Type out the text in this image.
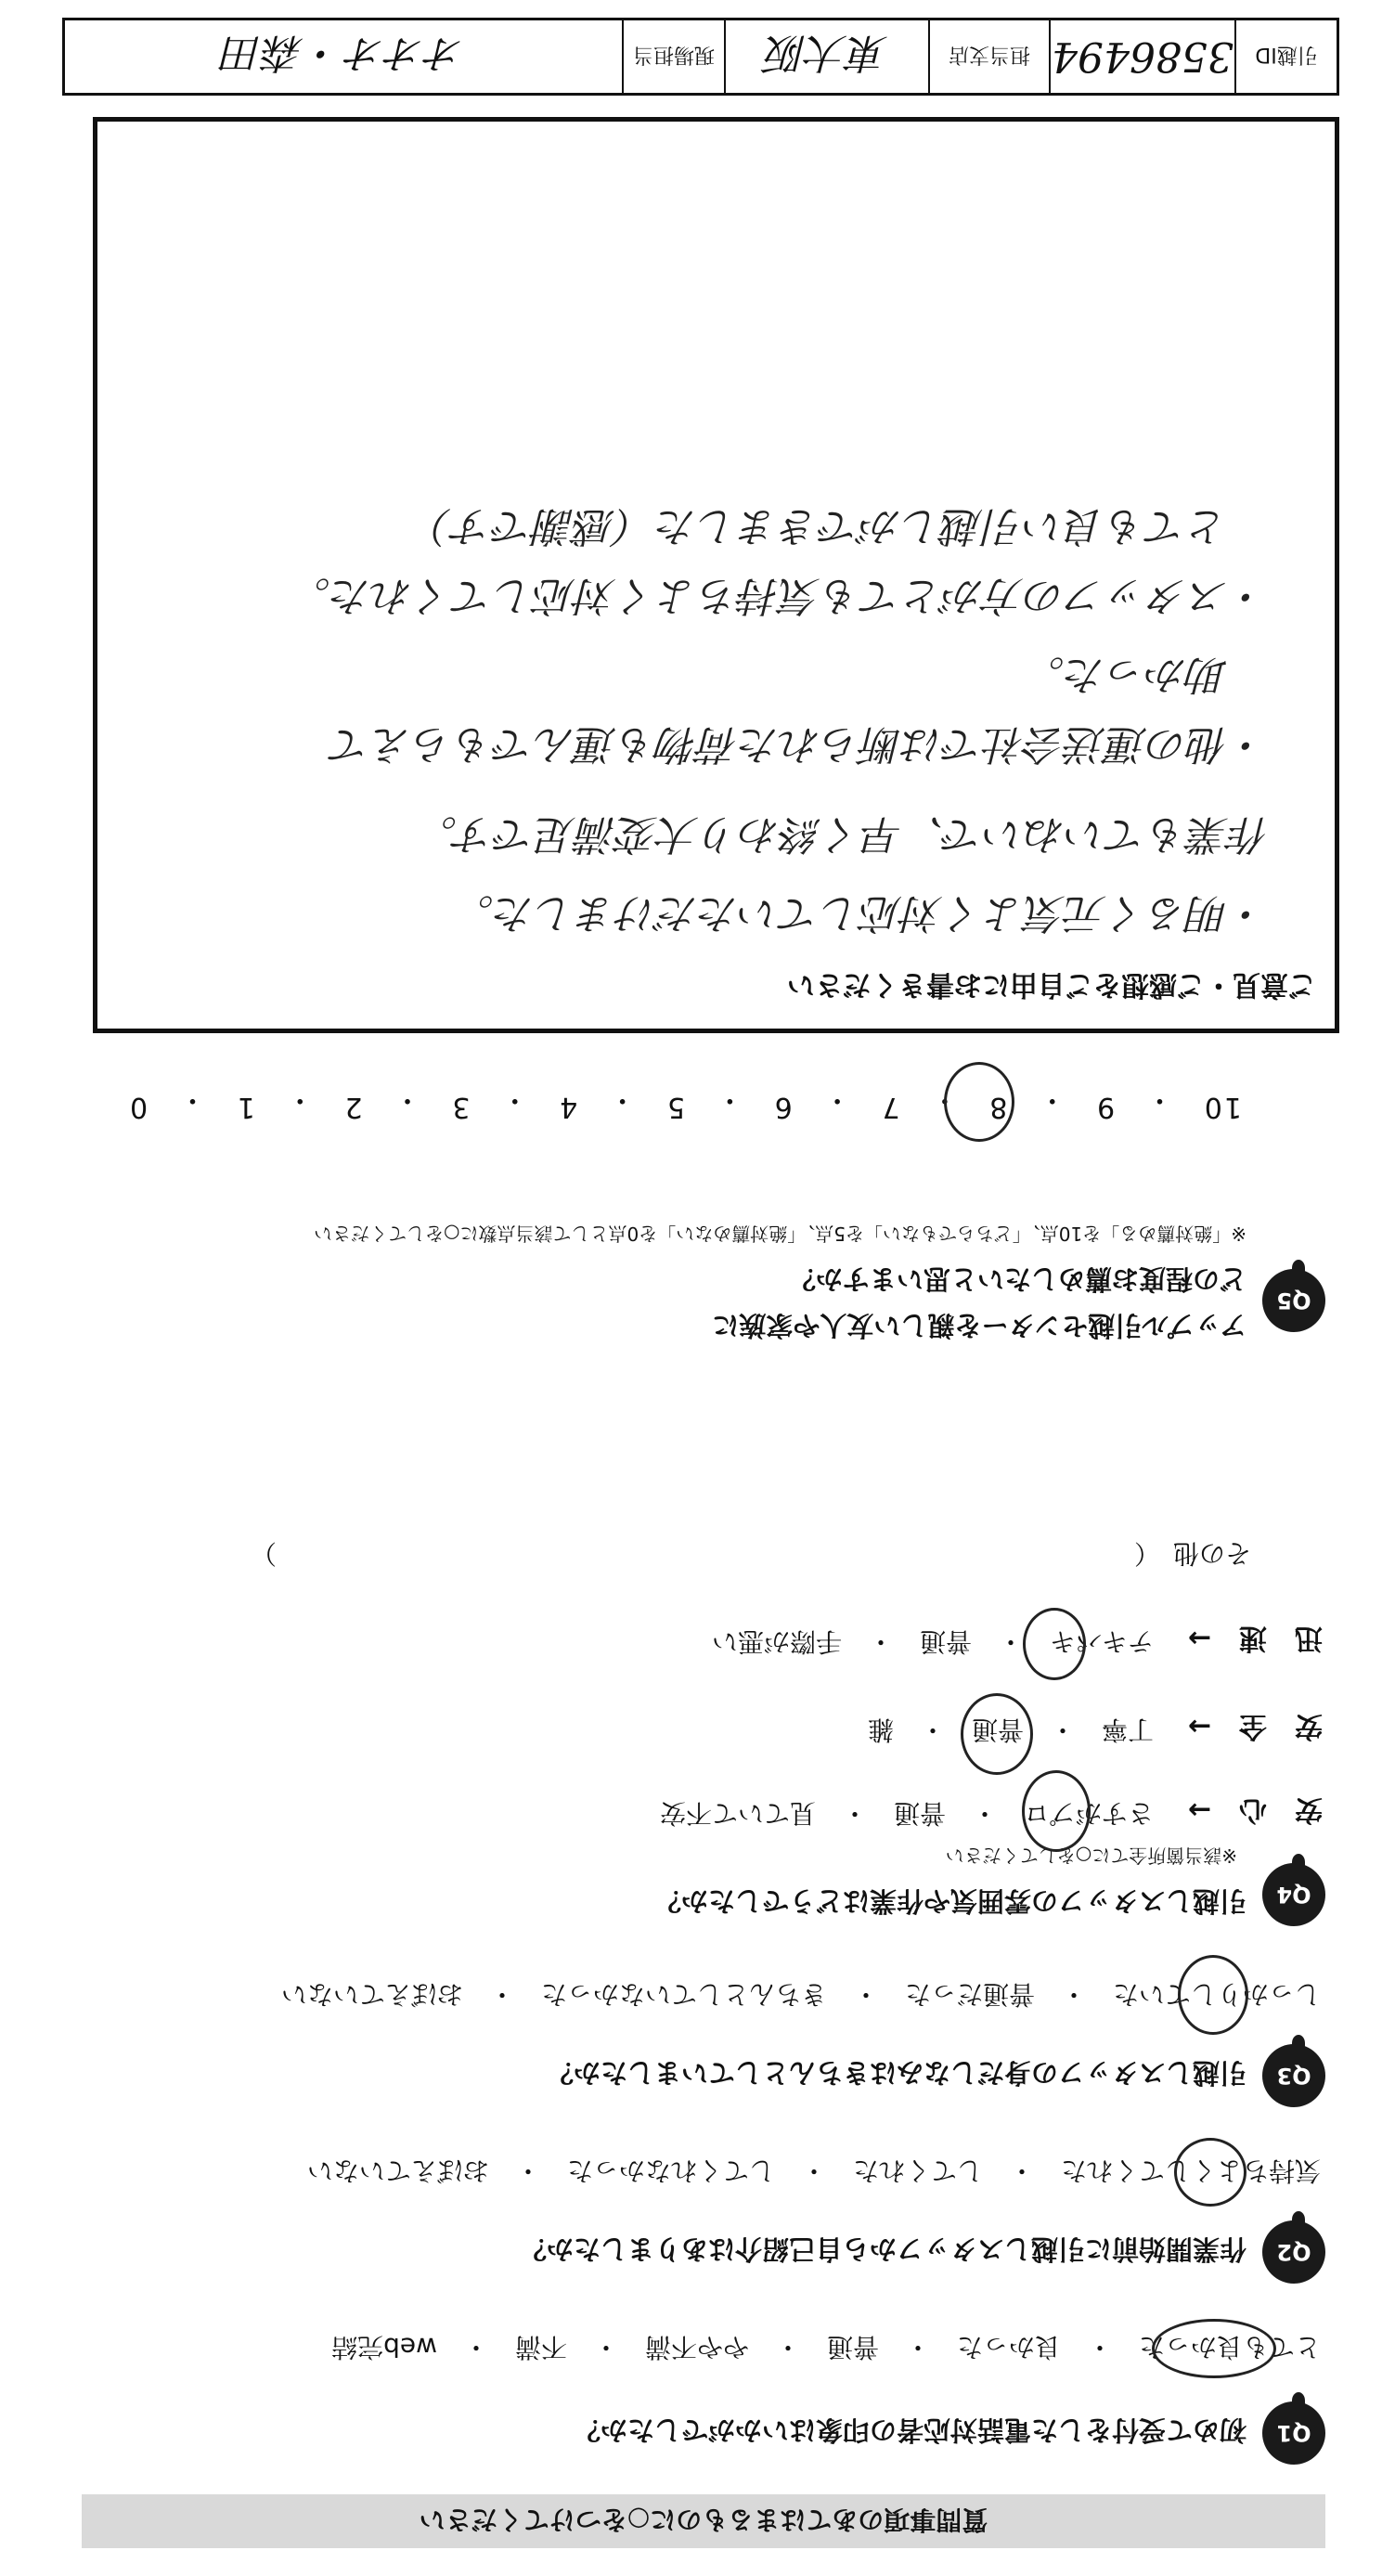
質問事項のあてはまるものに○をつけてください
Q1
初めて受付をした電話対応者の印象はいかがでしたか？
とても良かった　・　良かった　・　普通　・　やや不満　・　不満　・　web完結
Q2
作業開始前に引越しスタッフから自己紹介はありましたか？
気持ちよくしてくれた　・　してくれた　・　してくれなかった　・　おぼえていない
Q3
引越しスタッフの身だしなみはきちんとしていましたか？
しっかりしていた　・　普通だった　・　きちんとしていなかった　・　おぼえていない
Q4
引越しスタッフの雰囲気や作業はどうでしたか？
※該当箇所全てに○をしてください
安　心　→
さすがプロ　・　普通　・　見ていて不安
安　全　→
丁寧　・　普通　・　雑
迅　速　→
テキパキ　・　普通　・　手際が悪い
その他　（　　　　　　　　　　　　　　　　　　　　　　　　　　　　　　　　　）
Q5
アップル引越センターを親しい友人や家族に
どの程度お薦めしたいと思いますか？
※「絶対薦める」を10点、「どちらでもない」を5点、「絶対薦めない」を0点として該当点数に○をしてください
10
・
9
・
8
・
7
・
6
・
5
・
4
・
3
・
2
・
1
・
0
ご意見・ご感想をご自由にお書きください
・明るく元気よく対応していただけました。
作業もていねいで、早く終わり大変満足です。
・他の運送会社では断られた荷物も運んでもらえて
助かった。
・スタッフの方がとても気持ちよく対応してくれた。
とても良い引越しができました（感謝です）
引越ID
3586494
担当支店
東大阪
現場担当
オオオ・森田
